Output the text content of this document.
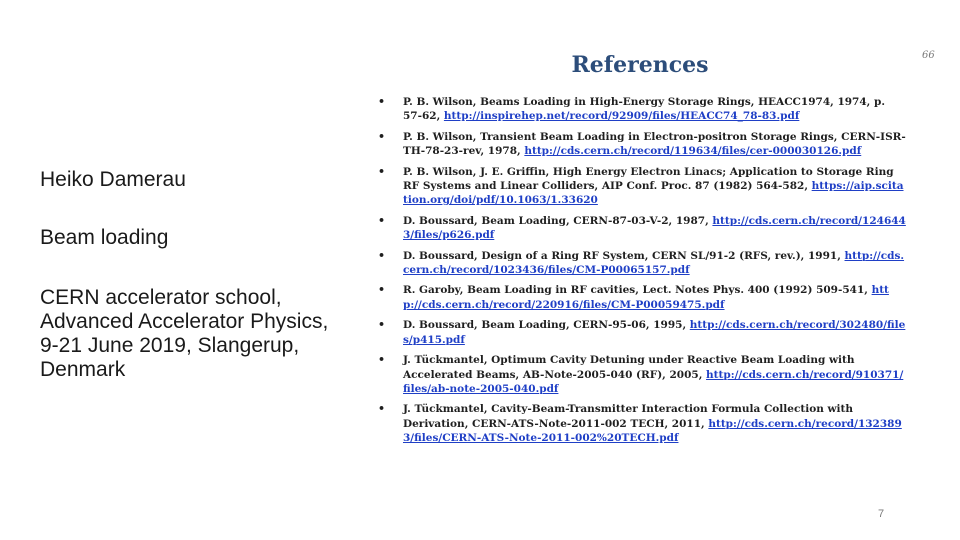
66
References
Heiko Damerau
Beam loading
CERN accelerator school, Advanced Accelerator Physics, 9-21 June 2019, Slangerup, Denmark
• P. B. Wilson, Beams Loading in High-Energy Storage Rings, HEACC1974, 1974, p. 57-62, http://inspirehep.net/record/92909/files/HEACC74_78-83.pdf
• P. B. Wilson, Transient Beam Loading in Electron-positron Storage Rings, CERN-ISR-TH-78-23-rev, 1978, http://cds.cern.ch/record/119634/files/cer-000030126.pdf
• P. B. Wilson, J. E. Griffin, High Energy Electron Linacs; Application to Storage Ring RF Systems and Linear Colliders, AIP Conf. Proc. 87 (1982) 564-582, https://aip.scitation.org/doi/pdf/10.1063/1.33620
• D. Boussard, Beam Loading, CERN-87-03-V-2, 1987, http://cds.cern.ch/record/1246443/files/p626.pdf
• D. Boussard, Design of a Ring RF System, CERN SL/91-2 (RFS, rev.), 1991, http://cds.cern.ch/record/1023436/files/CM-P00065157.pdf
• R. Garoby, Beam Loading in RF cavities, Lect. Notes Phys. 400 (1992) 509-541, http://cds.cern.ch/record/220916/files/CM-P00059475.pdf
• D. Boussard, Beam Loading, CERN-95-06, 1995, http://cds.cern.ch/record/302480/files/p415.pdf
• J. Tückmantel, Optimum Cavity Detuning under Reactive Beam Loading with Accelerated Beams, AB-Note-2005-040 (RF), 2005, http://cds.cern.ch/record/910371/files/ab-note-2005-040.pdf
• J. Tückmantel, Cavity-Beam-Transmitter Interaction Formula Collection with Derivation, CERN-ATS-Note-2011-002 TECH, 2011, http://cds.cern.ch/record/1323893/files/CERN-ATS-Note-2011-002%20TECH.pdf
7
